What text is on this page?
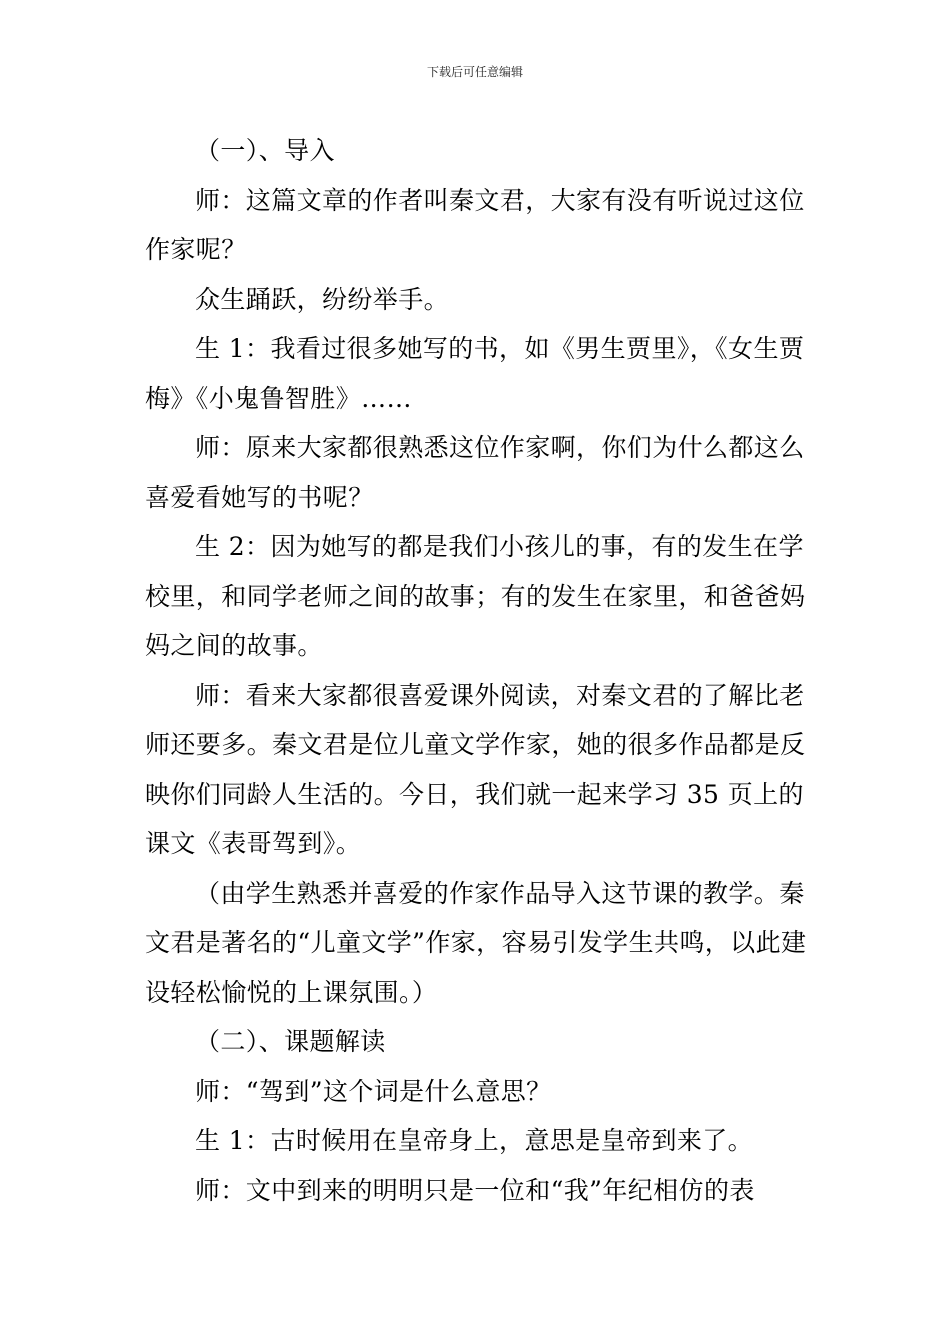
下载后可任意编辑

（一）、导入

师：这篇文章的作者叫秦文君，大家有没有听说过这位作家呢？

众生踊跃，纷纷举手。

生 1：我看过很多她写的书，如《男生贾里》，《女生贾梅》《小鬼鲁智胜》……

师：原来大家都很熟悉这位作家啊，你们为什么都这么喜爱看她写的书呢？

生 2：因为她写的都是我们小孩儿的事，有的发生在学校里，和同学老师之间的故事；有的发生在家里，和爸爸妈妈之间的故事。

师：看来大家都很喜爱课外阅读，对秦文君的了解比老师还要多。秦文君是位儿童文学作家，她的很多作品都是反映你们同龄人生活的。今日，我们就一起来学习 35 页上的课文《表哥驾到》。

（由学生熟悉并喜爱的作家作品导入这节课的教学。秦文君是著名的“儿童文学”作家，容易引发学生共鸣，以此建设轻松愉悦的上课氛围。）

（二）、课题解读

师：“驾到”这个词是什么意思？

生 1：古时候用在皇帝身上，意思是皇帝到来了。

师：文中到来的明明只是一位和“我”年纪相仿的表
